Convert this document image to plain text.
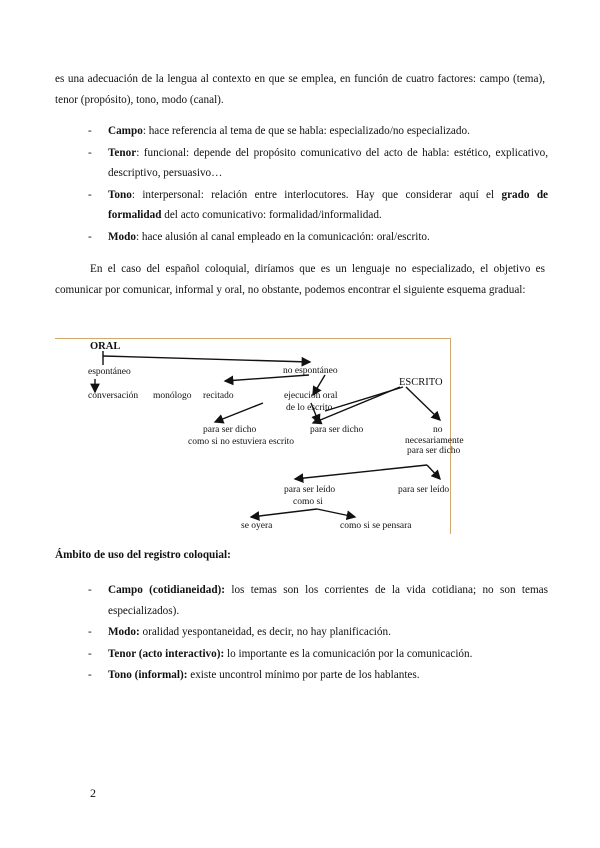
es una adecuación de la lengua al contexto en que se emplea, en función de cuatro factores: campo (tema), tenor (propósito), tono, modo (canal).
- Campo: hace referencia al tema de que se habla: especializado/no especializado.
- Tenor: funcional: depende del propósito comunicativo del acto de habla: estético, explicativo, descriptivo, persuasivo…
- Tono: interpersonal: relación entre interlocutores. Hay que considerar aquí el grado de formalidad del acto comunicativo: formalidad/informalidad.
- Modo: hace alusión al canal empleado en la comunicación: oral/escrito.
En el caso del español coloquial, diríamos que es un lenguaje no especializado, el objetivo es comunicar por comunicar, informal y oral, no obstante, podemos encontrar el siguiente esquema gradual:
ORAL
espontáneo	no espontáneo
conversación monólogo recitado	ejecución oral
de lo escrito
ESCRITO
para ser dicho
como si no estuviera escrito
para ser dicho	no
necesariamente
para ser dicho
para ser leído
como si
para ser leído
se oyera	como si se pensara
Ámbito de uso del registro coloquial:
- Campo (cotidianeidad): los temas son los corrientes de la vida cotidiana; no son temas especializados).
- Modo: oralidad yespontaneidad, es decir, no hay planificación.
- Tenor (acto interactivo): lo importante es la comunicación por la comunicación.
- Tono (informal): existe uncontrol mínimo por parte de los hablantes.
2
